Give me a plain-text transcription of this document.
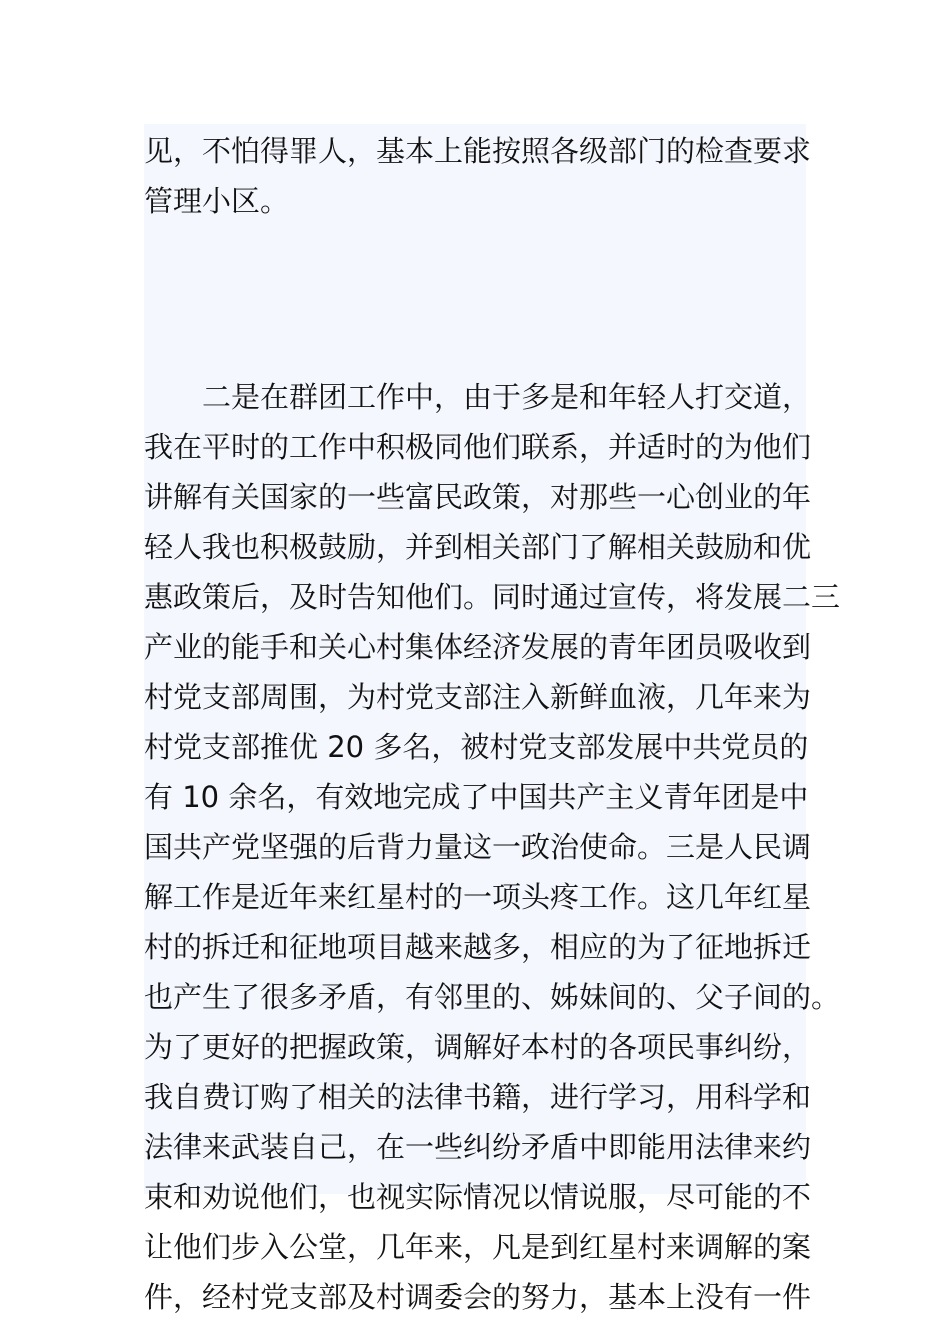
见，不怕得罪人，基本上能按照各级部门的检查要求
管理小区。
　　二是在群团工作中，由于多是和年轻人打交道，
我在平时的工作中积极同他们联系，并适时的为他们
讲解有关国家的一些富民政策，对那些一心创业的年
轻人我也积极鼓励，并到相关部门了解相关鼓励和优
惠政策后，及时告知他们。同时通过宣传，将发展二三
产业的能手和关心村集体经济发展的青年团员吸收到
村党支部周围，为村党支部注入新鲜血液，几年来为
村党支部推优 20 多名，被村党支部发展中共党员的
有 10 余名，有效地完成了中国共产主义青年团是中
国共产党坚强的后背力量这一政治使命。三是人民调
解工作是近年来红星村的一项头疼工作。这几年红星
村的拆迁和征地项目越来越多，相应的为了征地拆迁
也产生了很多矛盾，有邻里的、姊妹间的、父子间的。
为了更好的把握政策，调解好本村的各项民事纠纷，
我自费订购了相关的法律书籍，进行学习，用科学和
法律来武装自己，在一些纠纷矛盾中即能用法律来约
束和劝说他们，也视实际情况以情说服，尽可能的不
让他们步入公堂，几年来，凡是到红星村来调解的案
件，经村党支部及村调委会的努力，基本上没有一件
